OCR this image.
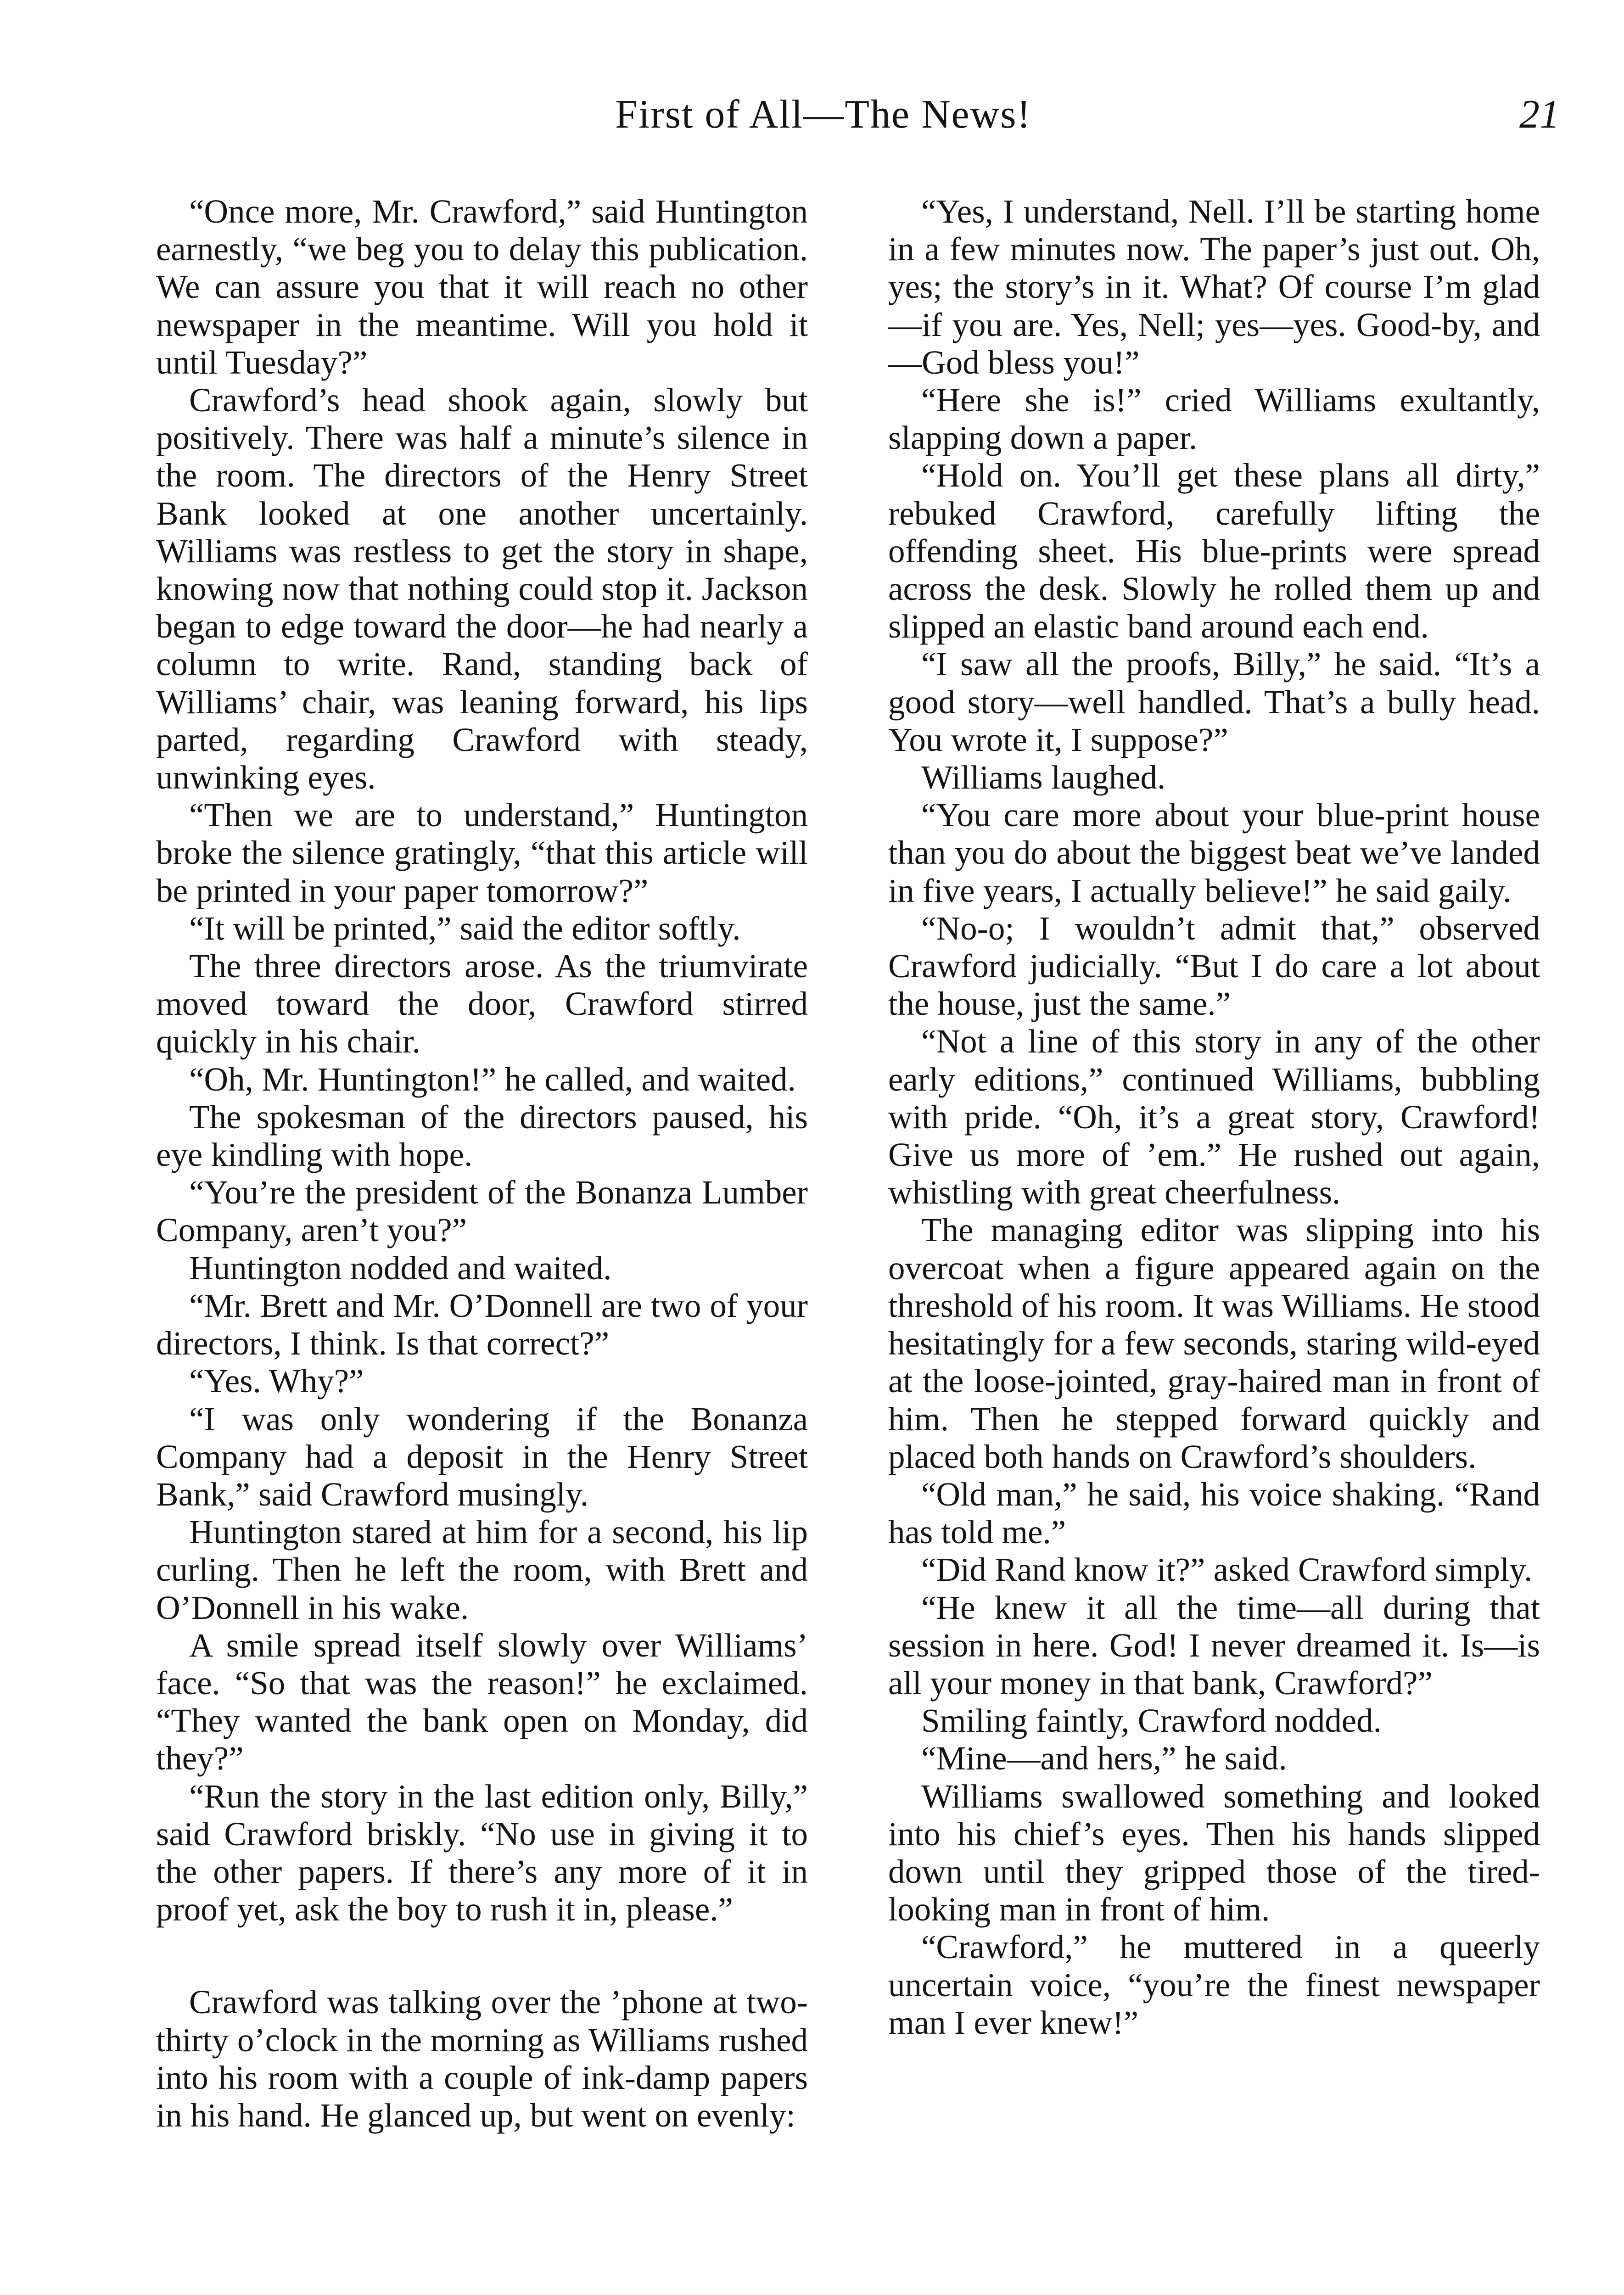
First of All—The News!	21

“Once more, Mr. Crawford,” said Huntington earnestly, “we beg you to delay this publication. We can assure you that it will reach no other newspaper in the meantime. Will you hold it until Tuesday?”

Crawford’s head shook again, slowly but positively. There was half a minute’s silence in the room. The directors of the Henry Street Bank looked at one another uncertainly. Williams was restless to get the story in shape, knowing now that nothing could stop it. Jackson began to edge toward the door—he had nearly a column to write. Rand, standing back of Williams’ chair, was leaning forward, his lips parted, regarding Crawford with steady, unwinking eyes.

“Then we are to understand,” Huntington broke the silence gratingly, “that this article will be printed in your paper tomorrow?”

“It will be printed,” said the editor softly.

The three directors arose. As the triumvirate moved toward the door, Crawford stirred quickly in his chair.

“Oh, Mr. Huntington!” he called, and waited.

The spokesman of the directors paused, his eye kindling with hope.

“You’re the president of the Bonanza Lumber Company, aren’t you?”

Huntington nodded and waited.

“Mr. Brett and Mr. O’Donnell are two of your directors, I think. Is that correct?”

“Yes. Why?”

“I was only wondering if the Bonanza Company had a deposit in the Henry Street Bank,” said Crawford musingly.

Huntington stared at him for a second, his lip curling. Then he left the room, with Brett and O’Donnell in his wake.

A smile spread itself slowly over Williams’ face. “So that was the reason!” he exclaimed. “They wanted the bank open on Monday, did they?”

“Run the story in the last edition only, Billy,” said Crawford briskly. “No use in giving it to the other papers. If there’s any more of it in proof yet, ask the boy to rush it in, please.”

Crawford was talking over the ’phone at two-thirty o’clock in the morning as Williams rushed into his room with a couple of ink-damp papers in his hand. He glanced up, but went on evenly:

“Yes, I understand, Nell. I’ll be starting home in a few minutes now. The paper’s just out. Oh, yes; the story’s in it. What? Of course I’m glad—if you are. Yes, Nell; yes—yes. Good-by, and—God bless you!”

“Here she is!” cried Williams exultantly, slapping down a paper.

“Hold on. You’ll get these plans all dirty,” rebuked Crawford, carefully lifting the offending sheet. His blue-prints were spread across the desk. Slowly he rolled them up and slipped an elastic band around each end.

“I saw all the proofs, Billy,” he said. “It’s a good story—well handled. That’s a bully head. You wrote it, I suppose?”

Williams laughed.

“You care more about your blue-print house than you do about the biggest beat we’ve landed in five years, I actually believe!” he said gaily.

“No-o; I wouldn’t admit that,” observed Crawford judicially. “But I do care a lot about the house, just the same.”

“Not a line of this story in any of the other early editions,” continued Williams, bubbling with pride. “Oh, it’s a great story, Crawford! Give us more of ’em.” He rushed out again, whistling with great cheerfulness.

The managing editor was slipping into his overcoat when a figure appeared again on the threshold of his room. It was Williams. He stood hesitatingly for a few seconds, staring wild-eyed at the loose-jointed, gray-haired man in front of him. Then he stepped forward quickly and placed both hands on Crawford’s shoulders.

“Old man,” he said, his voice shaking. “Rand has told me.”

“Did Rand know it?” asked Crawford simply.

“He knew it all the time—all during that session in here. God! I never dreamed it. Is—is all your money in that bank, Crawford?”

Smiling faintly, Crawford nodded.

“Mine—and hers,” he said.

Williams swallowed something and looked into his chief’s eyes. Then his hands slipped down until they gripped those of the tired-looking man in front of him.

“Crawford,” he muttered in a queerly uncertain voice, “you’re the finest newspaper man I ever knew!”
